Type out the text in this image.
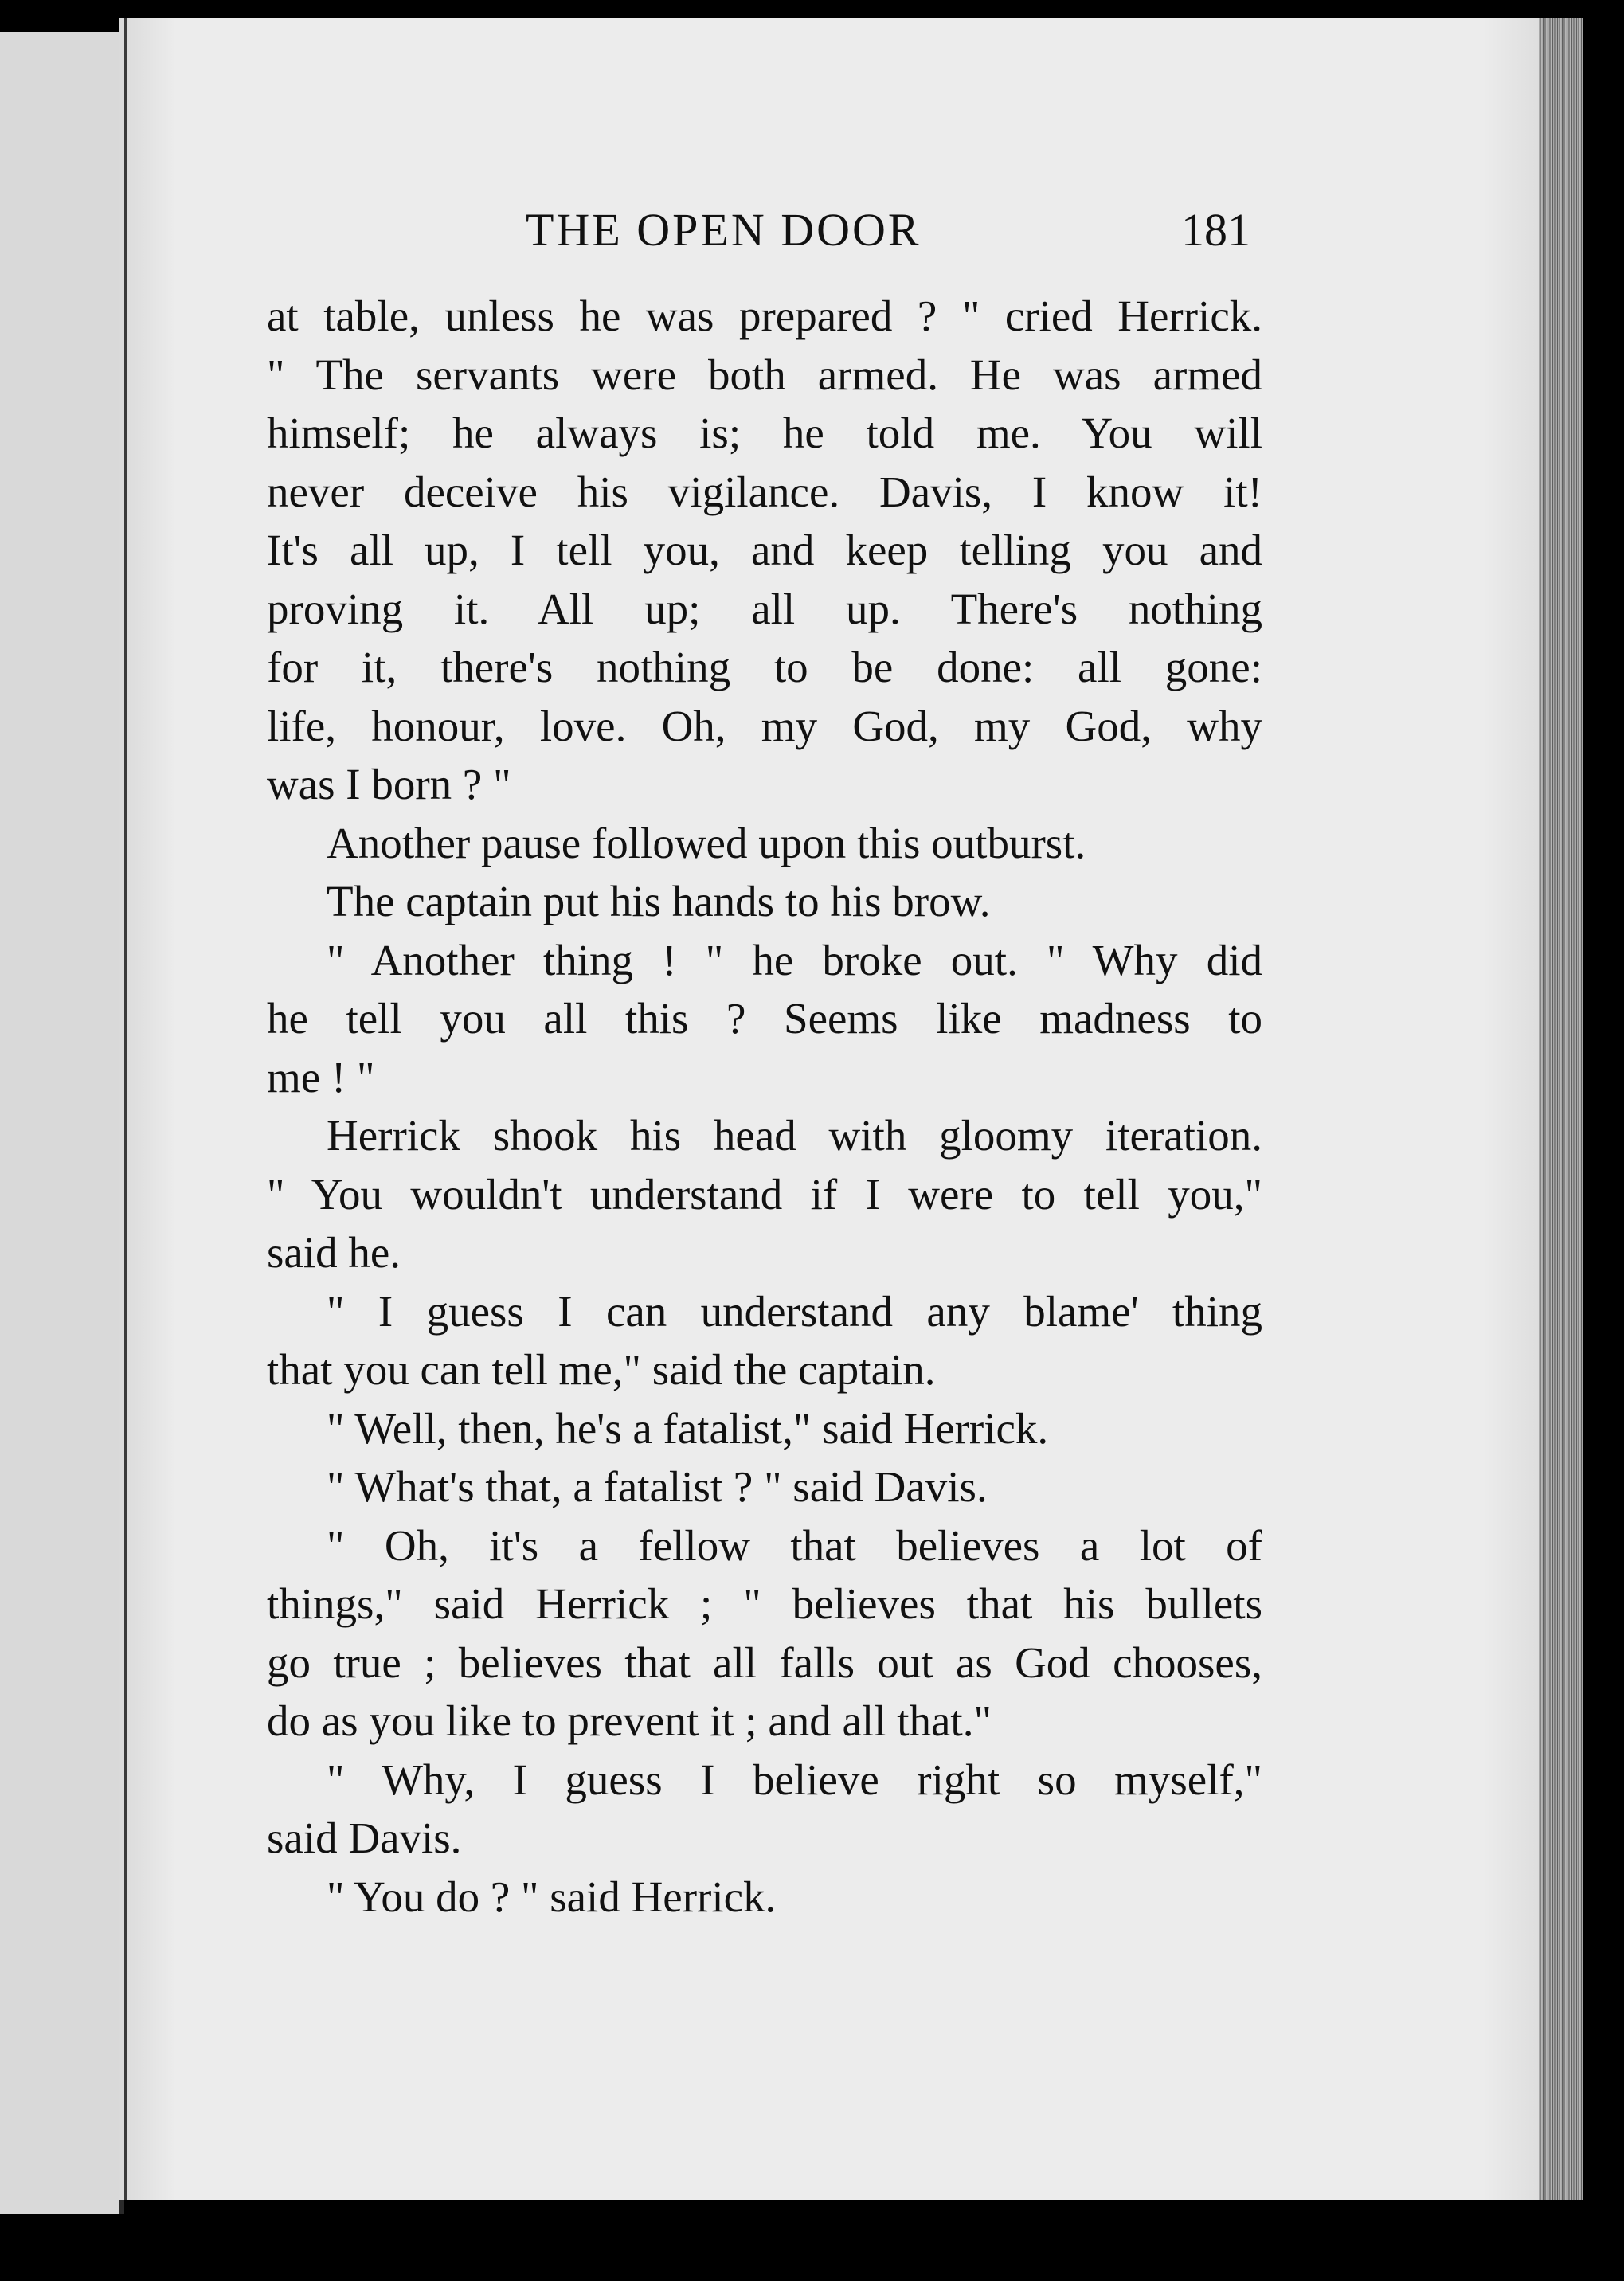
THE OPEN DOOR	181
at table, unless he was prepared ? " cried Herrick.
" The servants were both armed. He was armed
himself; he always is; he told me. You will
never deceive his vigilance. Davis, I know it!
It's all up, I tell you, and keep telling you and
proving it. All up; all up. There's nothing
for it, there's nothing to be done: all gone:
life, honour, love. Oh, my God, my God, why
was I born ? "
Another pause followed upon this outburst.
The captain put his hands to his brow.
" Another thing ! " he broke out. " Why did
he tell you all this ? Seems like madness to
me ! "
Herrick shook his head with gloomy iteration.
" You wouldn't understand if I were to tell you,"
said he.
" I guess I can understand any blame' thing
that you can tell me," said the captain.
" Well, then, he's a fatalist," said Herrick.
" What's that, a fatalist ? " said Davis.
" Oh, it's a fellow that believes a lot of
things," said Herrick ; " believes that his bullets
go true ; believes that all falls out as God chooses,
do as you like to prevent it ; and all that."
" Why, I guess I believe right so myself,"
said Davis.
" You do ? " said Herrick.
